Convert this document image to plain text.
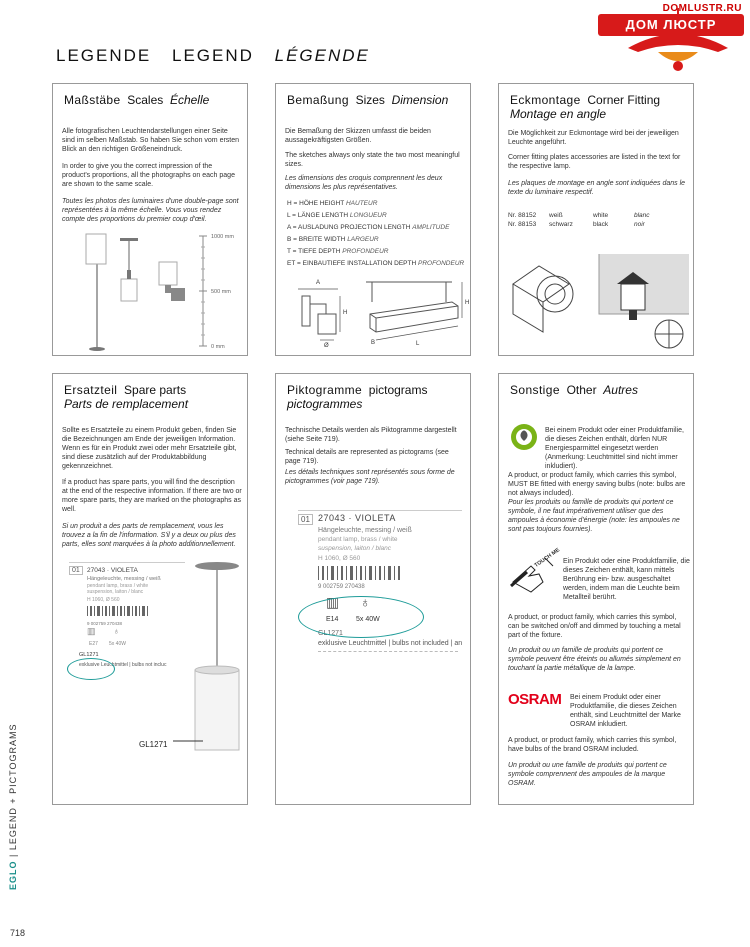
LEGENDE LEGEND LÉGENDE
DOMLUSTR.RU
ДОМ ЛЮСТР
Maßstäbe Scales Échelle
Alle fotografischen Leuchtendarstellungen einer Seite sind im selben Maßstab. So haben Sie schon vom ersten Blick an den richtigen Größeneindruck.
In order to give you the correct impression of the product's proportions, all the photographs on each page are shown to the same scale.
Toutes les photos des luminaires d'une double-page sont représentées à la même échelle. Vous vous rendez compte des proportions du premier coup d'œil.
1000 mm
500 mm
0 mm
Bemaßung Sizes Dimension
Die Bemaßung der Skizzen umfasst die beiden aussagekräftigsten Größen.
The sketches always only state the two most meaningful sizes.
Les dimensions des croquis comprennent les deux dimensions les plus représentatives.
H = HÖHE HEIGHT HAUTEUR
L = LÄNGE LENGTH LONGUEUR
A = AUSLADUNG PROJECTION LENGTH AMPLITUDE
B = BREITE WIDTH LARGEUR
T = TIEFE DEPTH PROFONDEUR
ET = EINBAUTIEFE INSTALLATION DEPTH PROFONDEUR
A
H
Ø
H
B	L
Eckmontage Corner Fitting
Montage en angle
Die Möglichkeit zur Eckmontage wird bei der jeweiligen Leuchte angeführt.
Corner fitting plates accessories are listed in the text for the respective lamp.
Les plaques de montage en angle sont indiquées dans le texte du luminaire respectif.
Nr. 88152 weiß	white	blanc
Nr. 88153 schwarz	black	noir
Ersatzteil Spare parts
Parts de remplacement
Sollte es Ersatzteile zu einem Produkt geben, finden Sie die Bezeichnungen am Ende der jeweiligen Information. Wenn es für ein Produkt zwei oder mehr Ersatzteile gibt, sind diese zusätzlich auf der Produktabbildung gekennzeichnet.
If a product has spare parts, you will find the description at the end of the respective information. If there are two or more spare parts, they are marked on the photographs as well.
Si un produit a des parts de remplacement, vous les trouvez a la fin de l'information. S'il y a deux ou plus des parts, elles sont marquées à la photo additionnellement.
01	27043 · VIOLETA
Hängeleuchte, messing / weiß
pendant lamp, brass / white
suspension, laiton / blanc
H 1060, Ø 560
9 002759 270438
▥ ♁
E27 5x 40W
GL1271
exklusive Leuchtmittel | bulbs not incluc
GL1271
Piktogramme pictograms
pictogrammes
Technische Details werden als Piktogramme dargestellt (siehe Seite 719).
Technical details are represented as pictograms (see page 719).
Les détails techniques sont représentés sous forme de pictogrammes (voir page 719).
01 27043 · VIOLETA
Hängeleuchte, messing / weiß
pendant lamp, brass / white
suspension, laiton / blanc
H 1060, Ø 560
9 002759 270438
▥ ♁
E14	5x 40W
GL1271
exklusive Leuchtmittel | bulbs not included | an
Sonstige Other Autres
Bei einem Produkt oder einer Produktfamilie, die dieses Zeichen enthält, dürfen NUR Energiesparmittel eingesetzt werden (Anmerkung: Leuchtmittel sind nicht immer inkludiert).
A product, or product family, which carries this symbol, MUST BE fitted with energy saving bulbs (note: bulbs are not always included).
Pour les produits ou famille de produits qui portent ce symbole, il ne faut impérativement utiliser que des ampoules à économie d'énergie (note: les ampoules ne sont pas toujours fournies).
TOUCH ME Ein Produkt oder eine Produktfamilie, die dieses Zeichen enthält, kann mittels Berührung ein- bzw. ausgeschaltet werden, indem man die Leuchte beim Metallteil berührt.
A product, or product family, which carries this symbol, can be switched on/off and dimmed by touching a metal part of the fixture.
Un produit ou un famille de produits qui portent ce symbole peuvent être éteints ou allumés simplement en touchant la partie métallique de la lampe.
OSRAM Bei einem Produkt oder einer Produktfamilie, die dieses Zeichen enthält, sind Leuchtmittel der Marke OSRAM inkludiert.
A product, or product family, which carries this symbol, have bulbs of the brand OSRAM included.
Un produit ou une famille de produits qui portent ce symbole comprennent des ampoules de la marque OSRAM.
EGLO | LEGEND + PICTOGRAMS
718
